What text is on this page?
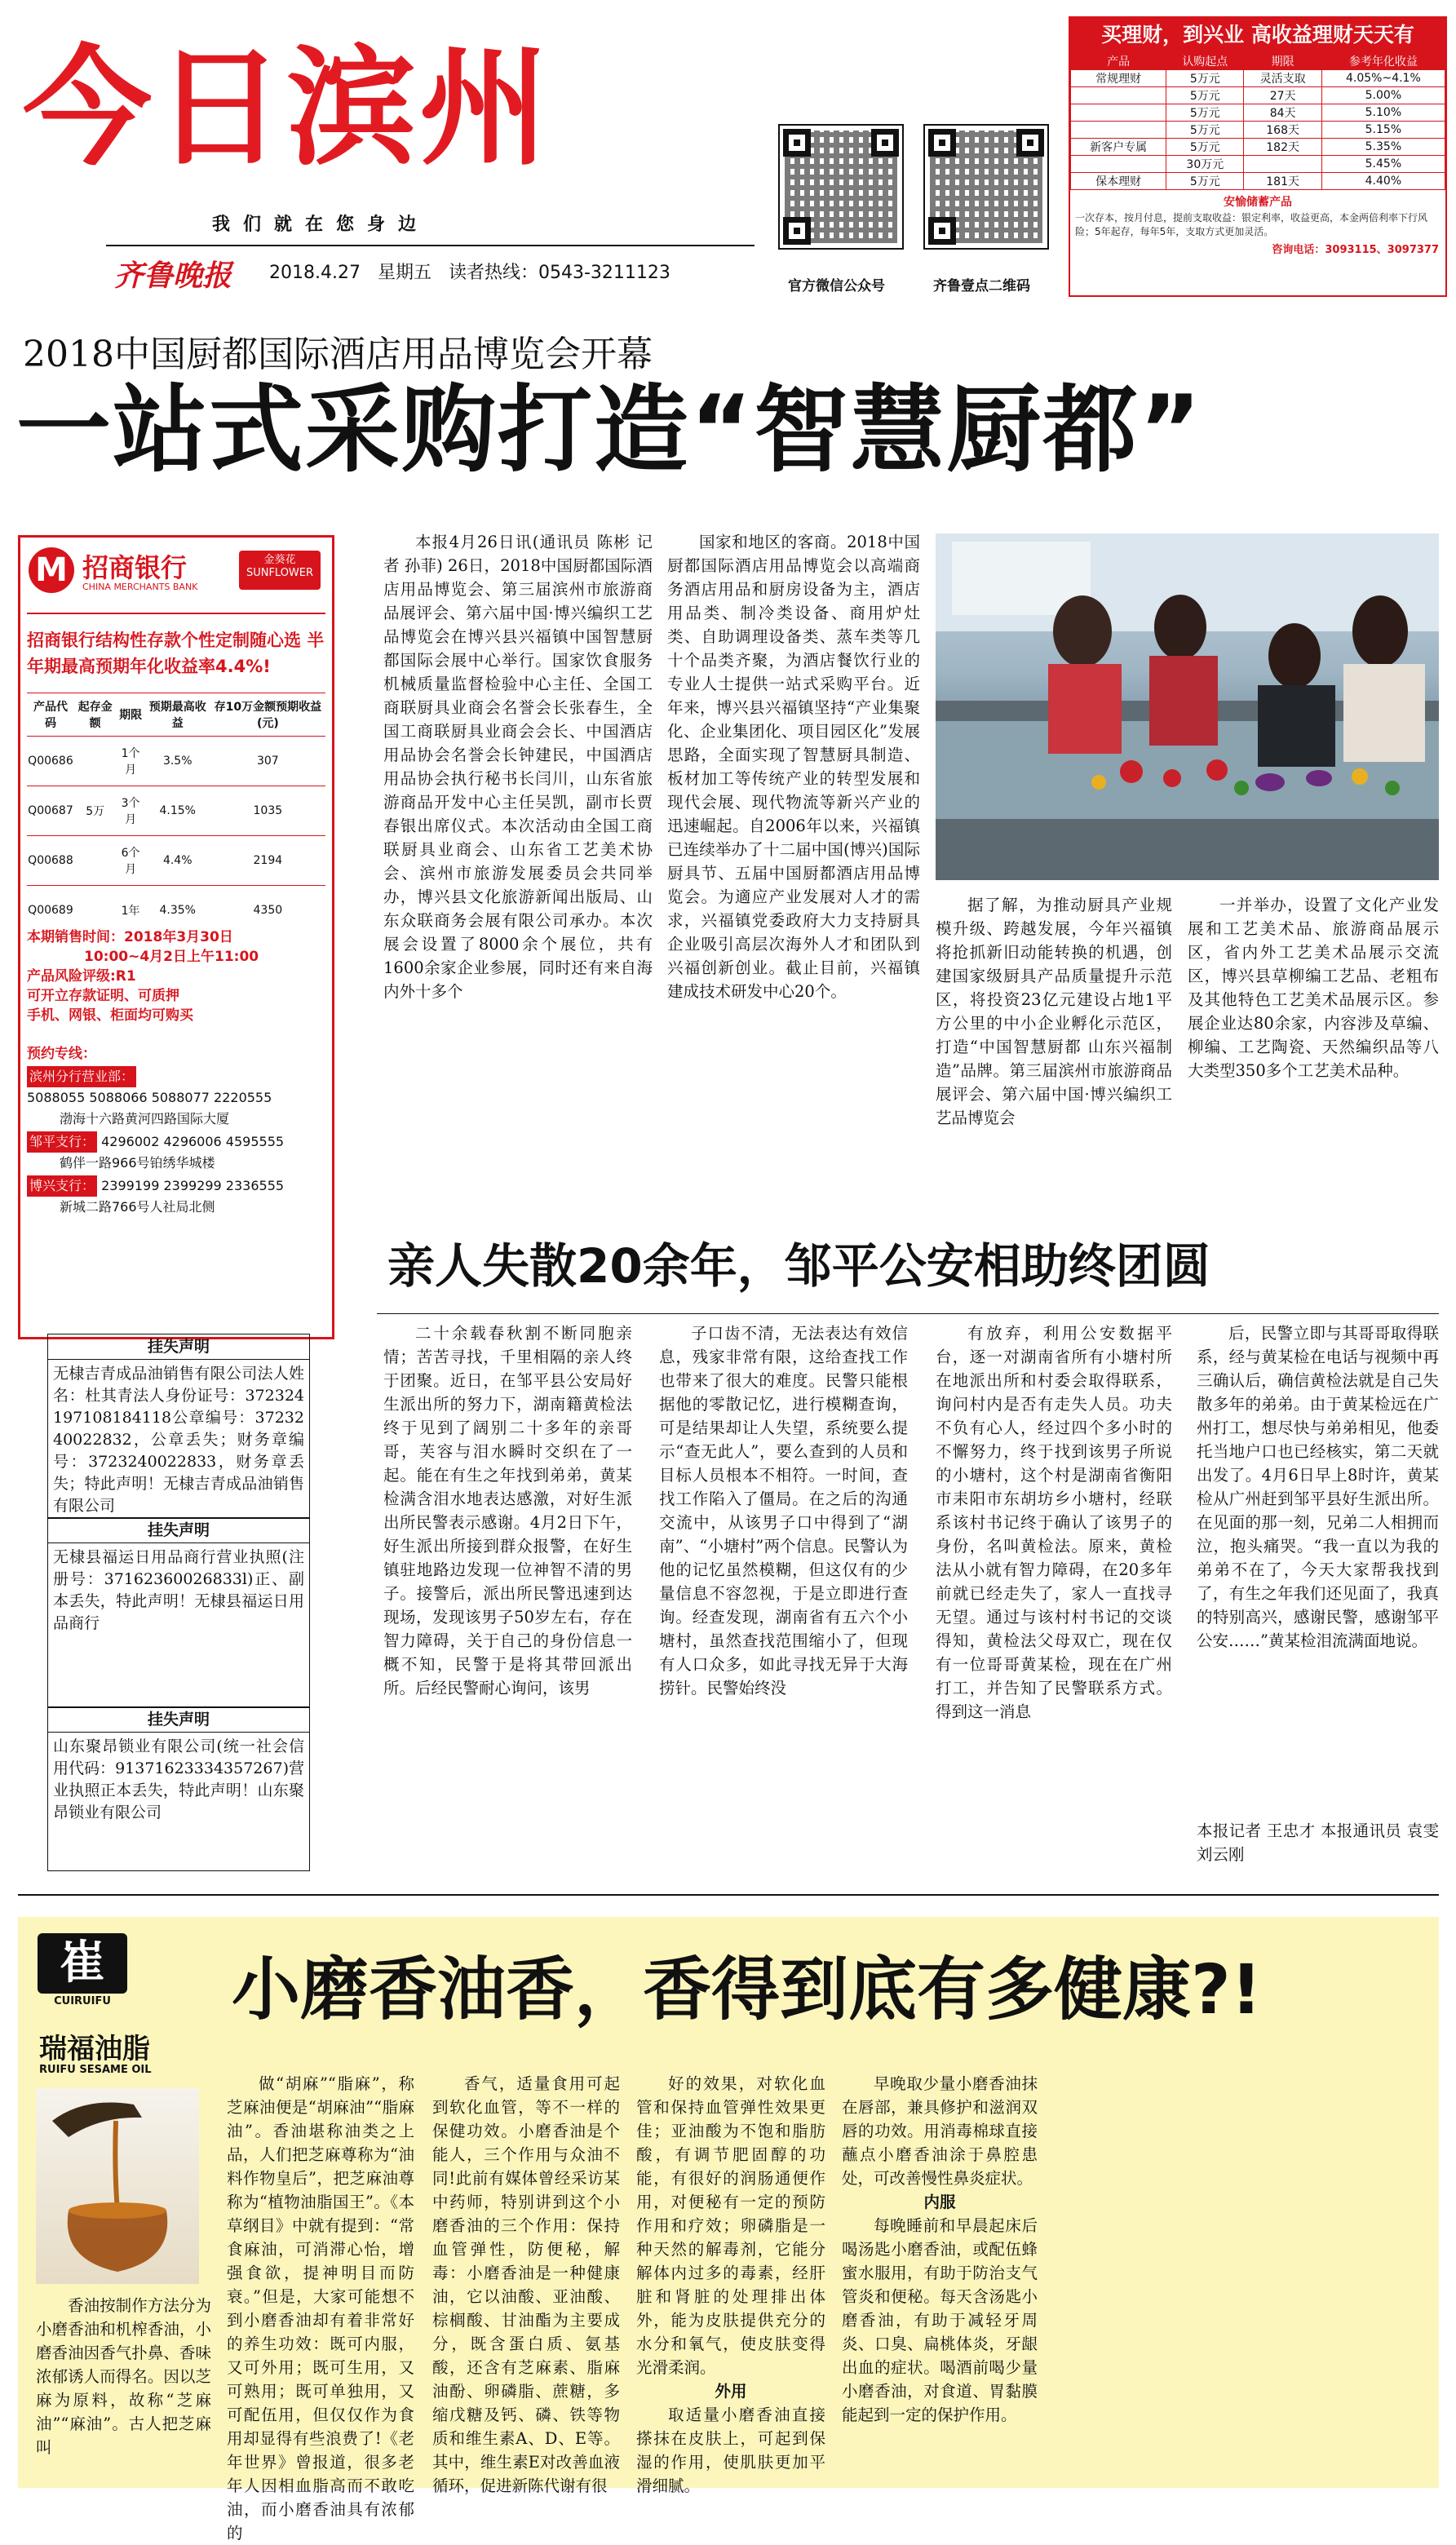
今日滨州
我们就在您身边
齐鲁晚报 2018.4.27 星期五 读者热线：0543-3211123
官方微信公众号	齐鲁壹点二维码
买理财，到兴业 高收益理财天天有
产品	认购起点	期限	参考年化收益
常规理财	5万元	灵活支取	4.05%~4.1%
	5万元	27天	5.00%
	5万元	84天	5.10%
	5万元	168天	5.15%
新客户专属	5万元	182天	5.35%
	30万元		5.45%
保本理财	5万元	181天	4.40%
安愉储蓄产品
一次存本，按月付息，提前支取收益：银定利率，收益更高，本金两倍利率下行风险；5年起存，每年5年，支取方式更加灵活。
咨询电话：3093115、3097377
2018中国厨都国际酒店用品博览会开幕
一站式采购打造“智慧厨都”

本报4月26日讯(通讯员 陈彬 记者 孙菲) 26日，2018中国厨都国际酒店用品博览会、第三届滨州市旅游商品展评会、第六届中国·博兴编织工艺品博览会在博兴县兴福镇中国智慧厨都国际会展中心举行。国家饮食服务机械质量监督检验中心主任、全国工商联厨具业商会名誉会长张春生，全国工商联厨具业商会会长、中国酒店用品协会名誉会长钟建民，中国酒店用品协会执行秘书长闫川，山东省旅游商品开发中心主任吴凯，副市长贾春银出席仪式。本次活动由全国工商联厨具业商会、山东省工艺美术协会、滨州市旅游发展委员会共同举办，博兴县文化旅游新闻出版局、山东众联商务会展有限公司承办。本次展会设置了8000余个展位，共有1600余家企业参展，同时还有来自海内外十多个

国家和地区的客商。2018中国厨都国际酒店用品博览会以高端商务酒店用品和厨房设备为主，酒店用品类、制冷类设备、商用炉灶类、自助调理设备类、蒸车类等几十个品类齐聚，为酒店餐饮行业的专业人士提供一站式采购平台。近年来，博兴县兴福镇坚持“产业集聚化、企业集团化、项目园区化”发展思路，全面实现了智慧厨具制造、板材加工等传统产业的转型发展和现代会展、现代物流等新兴产业的迅速崛起。自2006年以来，兴福镇已连续举办了十二届中国(博兴)国际厨具节、五届中国厨都酒店用品博览会。为適应产业发展对人才的需求，兴福镇党委政府大力支持厨具企业吸引高层次海外人才和团队到兴福创新创业。截止目前，兴福镇建成技术研发中心20个。

据了解，为推动厨具产业规模升级、跨越发展，今年兴福镇将抢抓新旧动能转换的机遇，创建国家级厨具产品质量提升示范区，将投资23亿元建设占地1平方公里的中小企业孵化示范区，打造“中国智慧厨都 山东兴福制造”品牌。第三届滨州市旅游商品展评会、第六届中国·博兴编织工艺品博览会

一并举办，设置了文化产业发展和工艺美术品、旅游商品展示区，省内外工艺美术品展示交流区，博兴县草柳编工艺品、老粗布及其他特色工艺美术品展示区。参展企业达80余家，内容涉及草编、柳编、工艺陶瓷、天然编织品等八大类型350多个工艺美术品种。

M 招商银行
CHINA MERCHANTS BANK
金葵花 SUNFLOWER
招商银行结构性存款个性定制随心选 半年期最高预期年化收益率4.4%!
产品代码	起存金额	期限	预期最高收益	存10万金额预期收益(元)
Q00686		1个月	3.5%	307
Q00687	5万	3个月	4.15%	1035
Q00688		6个月	4.4%	2194
Q00689		1年	4.35%	4350
本期销售时间：2018年3月30日
10:00~4月2日上午11:00
产品风险评级:R1
可开立存款证明、可质押
手机、网银、柜面均可购买
预约专线：
滨州分行营业部：
5088055 5088066 5088077 2220555
渤海十六路黄河四路国际大厦
邹平支行： 4296002 4296006 4595555
鹤伴一路966号铂绣华城楼
博兴支行： 2399199 2399299 2336555
新城二路766号人社局北侧
挂失声明
无棣吉青成品油销售有限公司法人姓名：杜其青法人身份证号：372324197108184118公章编号：3723240022832，公章丢失；财务章编号：3723240022833，财务章丢失；特此声明！无棣吉青成品油销售有限公司
挂失声明
无棣县福运日用品商行营业执照(注册号：37162360026833l)正、副本丢失，特此声明！无棣县福运日用品商行
挂失声明
山东聚昂锁业有限公司(统一社会信用代码：91371623334357267)营业执照正本丢失，特此声明！山东聚昂锁业有限公司
亲人失散20余年，邹平公安相助终团圆

二十余载春秋割不断同胞亲情；苦苦寻找，千里相隔的亲人终于团聚。近日，在邹平县公安局好生派出所的努力下，湖南籍黄检法终于见到了阔别二十多年的亲哥哥，芙容与泪水瞬时交织在了一起。能在有生之年找到弟弟，黄某检满含泪水地表达感激，对好生派出所民警表示感谢。4月2日下午，好生派出所接到群众报警，在好生镇驻地路边发现一位神智不清的男子。接警后，派出所民警迅速到达现场，发现该男子50岁左右，存在智力障碍，关于自己的身份信息一概不知，民警于是将其带回派出所。后经民警耐心询问，该男

子口齿不清，无法表达有效信息，残家非常有限，这给查找工作也带来了很大的难度。民警只能根据他的零散记忆，进行模糊查询，可是结果却让人失望，系统要么提示“查无此人”，要么查到的人员和目标人员根本不相符。一时间，查找工作陷入了僵局。在之后的沟通交流中，从该男子口中得到了“湖南”、“小塘村”两个信息。民警认为他的记忆虽然模糊，但这仅有的少量信息不容忽视，于是立即进行查询。经查发现，湖南省有五六个小塘村，虽然查找范围缩小了，但现有人口众多，如此寻找无异于大海捞针。民警始终没

有放弃，利用公安数据平台，逐一对湖南省所有小塘村所在地派出所和村委会取得联系，询问村内是否有走失人员。功夫不负有心人，经过四个多小时的不懈努力，终于找到该男子所说的小塘村，这个村是湖南省衡阳市耒阳市东胡坊乡小塘村，经联系该村书记终于确认了该男子的身份，名叫黄检法。原来，黄检法从小就有智力障碍，在20多年前就已经走失了，家人一直找寻无望。通过与该村村书记的交谈得知，黄检法父母双亡，现在仅有一位哥哥黄某检，现在在广州打工，并告知了民警联系方式。得到这一消息

后，民警立即与其哥哥取得联系，经与黄某检在电话与视频中再三确认后，确信黄检法就是自己失散多年的弟弟。由于黄某检远在广州打工，想尽快与弟弟相见，他委托当地户口也已经核实，第二天就出发了。4月6日早上8时许，黄某检从广州赶到邹平县好生派出所。在见面的那一刻，兄弟二人相拥而泣，抱头痛哭。“我一直以为我的弟弟不在了，今天大家帮我找到了，有生之年我们还见面了，我真的特别高兴，感谢民警，感谢邹平公安……”黄某检泪流满面地说。

本报记者 王忠才 本报通讯员 袁雯 刘云刚
崔
CUIRUIFU
瑞福油脂
RUIFU SESAME OIL
小磨香油香，香得到底有多健康?!

香油按制作方法分为小磨香油和机榨香油，小磨香油因香气扑鼻、香味浓郁诱人而得名。因以芝麻为原料，故称“芝麻油”“麻油”。古人把芝麻叫

做“胡麻”“脂麻”，称芝麻油便是“胡麻油”“脂麻油”。香油堪称油类之上品，人们把芝麻尊称为“油料作物皇后”，把芝麻油尊称为“植物油脂国王”。《本草纲目》中就有提到：“常食麻油，可消滞心怡，增强食欲，提神明目而防衰。”但是，大家可能想不到小磨香油却有着非常好的养生功效：既可内服，又可外用；既可生用，又可熟用；既可单独用，又可配伍用，但仅仅作为食用却显得有些浪费了!《老年世界》曾报道，很多老年人因相血脂高而不敢吃油，而小磨香油具有浓郁的

香气，适量食用可起到软化血管，等不一样的保健功效。小磨香油是个能人，三个作用与众油不同!此前有媒体曾经采访某中药师，特别讲到这个小磨香油的三个作用：保持血管弹性，防便秘，解毒：小磨香油是一种健康油，它以油酸、亚油酸、棕榈酸、甘油酯为主要成分，既含蛋白质、氨基酸，还含有芝麻素、脂麻油酚、卵磷脂、蔗糖，多缩戊糖及钙、磷、铁等物质和维生素A、D、E等。其中，维生素E对改善血液循环，促进新陈代谢有很

好的效果，对软化血管和保持血管弹性效果更佳；亚油酸为不饱和脂肪酸，有调节肥固醇的功能，有很好的润肠通便作用，对便秘有一定的预防作用和疗效；卵磷脂是一种天然的解毒剂，它能分解体内过多的毒素，经肝脏和肾脏的处理排出体外，能为皮肤提供充分的水分和氧气，使皮肤变得光滑柔润。

外用

取适量小磨香油直接搽抹在皮肤上，可起到保湿的作用，使肌肤更加平滑细腻。

早晚取少量小磨香油抹在唇部，兼具修护和滋润双唇的功效。用消毒棉球直接蘸点小磨香油涂于鼻腔患处，可改善慢性鼻炎症状。

内服

每晚睡前和早晨起床后喝汤匙小磨香油，或配伍蜂蜜水服用，有助于防治支气管炎和便秘。每天含汤匙小磨香油，有助于减轻牙周炎、口臭、扁桃体炎，牙龈出血的症状。喝酒前喝少量小磨香油，对食道、胃黏膜能起到一定的保护作用。
